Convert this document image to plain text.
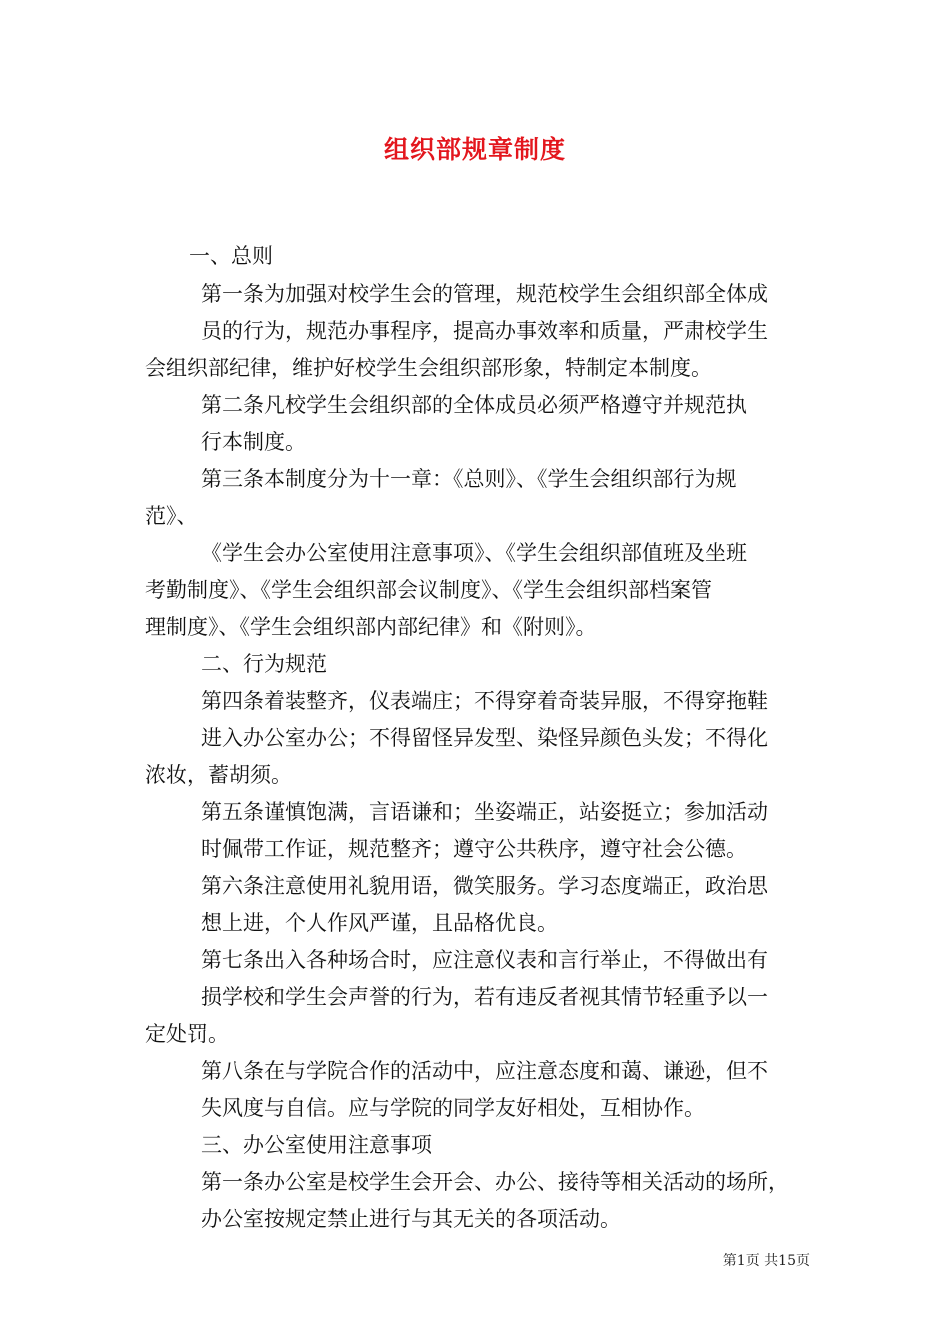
组织部规章制度
一、总则
第一条为加强对校学生会的管理，规范校学生会组织部全体成
员的行为，规范办事程序，提高办事效率和质量，严肃校学生
会组织部纪律，维护好校学生会组织部形象，特制定本制度。
第二条凡校学生会组织部的全体成员必须严格遵守并规范执
行本制度。
第三条本制度分为十一章：《总则》、《学生会组织部行为规
范》、
《学生会办公室使用注意事项》、《学生会组织部值班及坐班
考勤制度》、《学生会组织部会议制度》、《学生会组织部档案管
理制度》、《学生会组织部内部纪律》和《附则》。
二、行为规范
第四条着装整齐，仪表端庄；不得穿着奇装异服，不得穿拖鞋
进入办公室办公；不得留怪异发型、染怪异颜色头发；不得化
浓妆，蓄胡须。
第五条谨慎饱满，言语谦和；坐姿端正，站姿挺立；参加活动
时佩带工作证，规范整齐；遵守公共秩序，遵守社会公德。
第六条注意使用礼貌用语，微笑服务。学习态度端正，政治思
想上进，个人作风严谨，且品格优良。
第七条出入各种场合时，应注意仪表和言行举止，不得做出有
损学校和学生会声誉的行为，若有违反者视其情节轻重予以一
定处罚。
第八条在与学院合作的活动中，应注意态度和蔼、谦逊，但不
失风度与自信。应与学院的同学友好相处，互相协作。
三、办公室使用注意事项
第一条办公室是校学生会开会、办公、接待等相关活动的场所，
办公室按规定禁止进行与其无关的各项活动。
第1页 共15页
